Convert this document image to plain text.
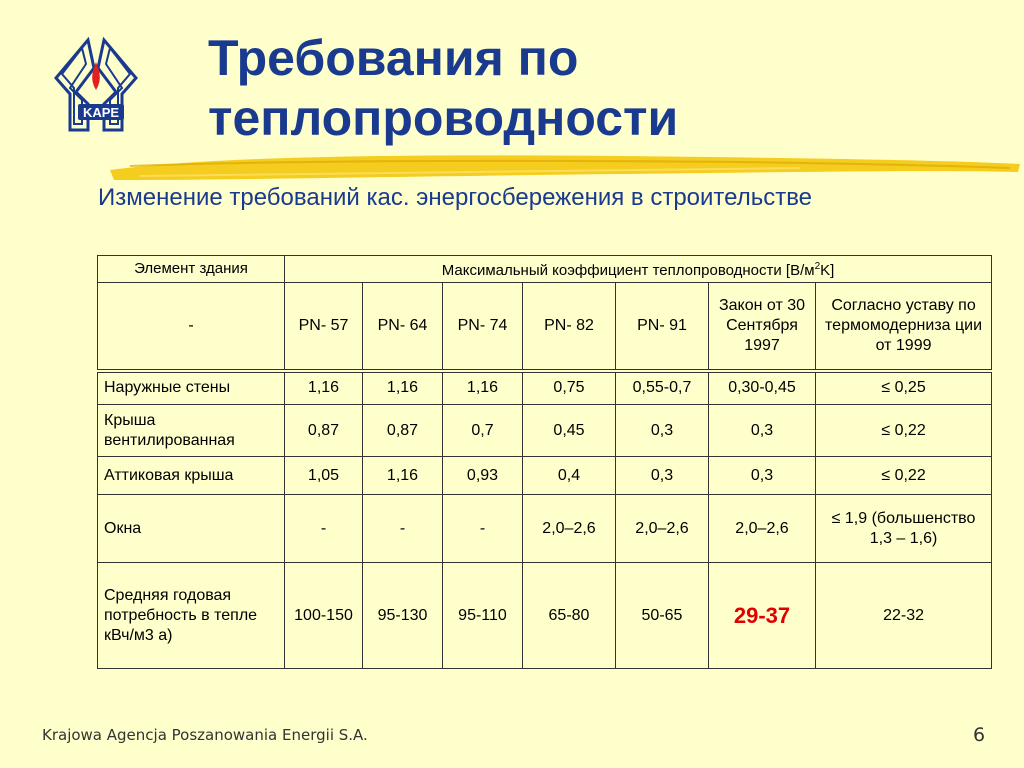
KAPE
Требования по
теплопроводности

Изменение требований кас. энергосбережения в строительстве

Элемент здания	Максимальный коэффициент теплопроводности $[В/м^2K]$						
-	PN- 57	PN- 64	PN- 74	PN- 82	PN- 91	Закон от 30 Сентября 1997	Согласно уставу по термомодерниза ции от 1999
Наружные стены	1,16	1,16	1,16	0,75	0,55-0,7	0,30-0,45	≤ 0,25
Крыша вентилированная	0,87	0,87	0,7	0,45	0,3	0,3	≤ 0,22
Аттиковая крыша	1,05	1,16	0,93	0,4	0,3	0,3	≤ 0,22
Окна	-	-	-	2,0–2,6	2,0–2,6	2,0–2,6	≤ 1,9 (большенство 1,3 – 1,6)
Средняя годовая потребность в тепле кВч/м3 а)	100-150	95-130	95-110	65-80	50-65	29-37	22-32
Krajowa Agencja Poszanowania Energii S.A.	6
